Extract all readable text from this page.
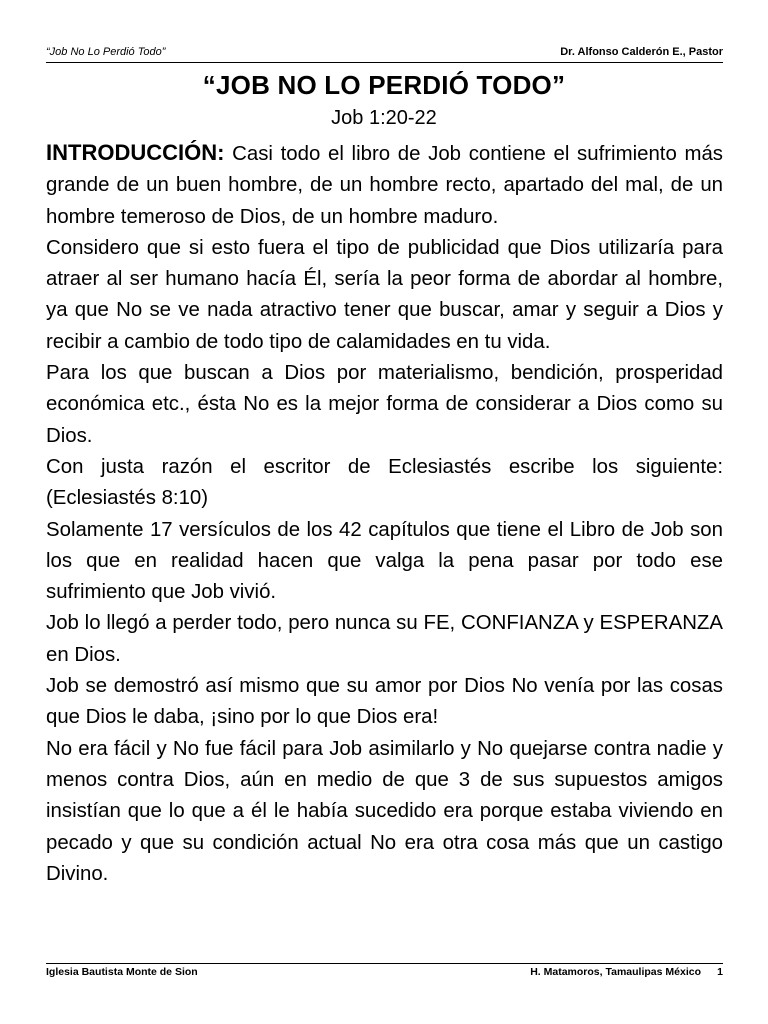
“Job No Lo Perdió Todo”	Dr. Alfonso Calderón E., Pastor
“JOB NO LO PERDIÓ TODO”
Job 1:20-22

INTRODUCCIÓN: Casi todo el libro de Job contiene el sufrimiento más grande de un buen hombre, de un hombre recto, apartado del mal, de un hombre temeroso de Dios, de un hombre maduro.

Considero que si esto fuera el tipo de publicidad que Dios utilizaría para atraer al ser humano hacía Él, sería la peor forma de abordar al hombre, ya que No se ve nada atractivo tener que buscar, amar y seguir a Dios y recibir a cambio de todo tipo de calamidades en tu vida.

Para los que buscan a Dios por materialismo, bendición, prosperidad económica etc., ésta No es la mejor forma de considerar a Dios como su Dios.

Con justa razón el escritor de Eclesiastés escribe los siguiente: (Eclesiastés 8:10)

Solamente 17 versículos de los 42 capítulos que tiene el Libro de Job son los que en realidad hacen que valga la pena pasar por todo ese sufrimiento que Job vivió.

Job lo llegó a perder todo, pero nunca su FE, CONFIANZA y ESPERANZA en Dios.

Job se demostró así mismo que su amor por Dios No venía por las cosas que Dios le daba, ¡sino por lo que Dios era!

No era fácil y No fue fácil para Job asimilarlo y No quejarse contra nadie y menos contra Dios, aún en medio de que 3 de sus supuestos amigos insistían que lo que a él le había sucedido era porque estaba viviendo en pecado y que su condición actual No era otra cosa más que un castigo Divino.

Iglesia Bautista Monte de Sion	H. Matamoros, Tamaulipas México 1
